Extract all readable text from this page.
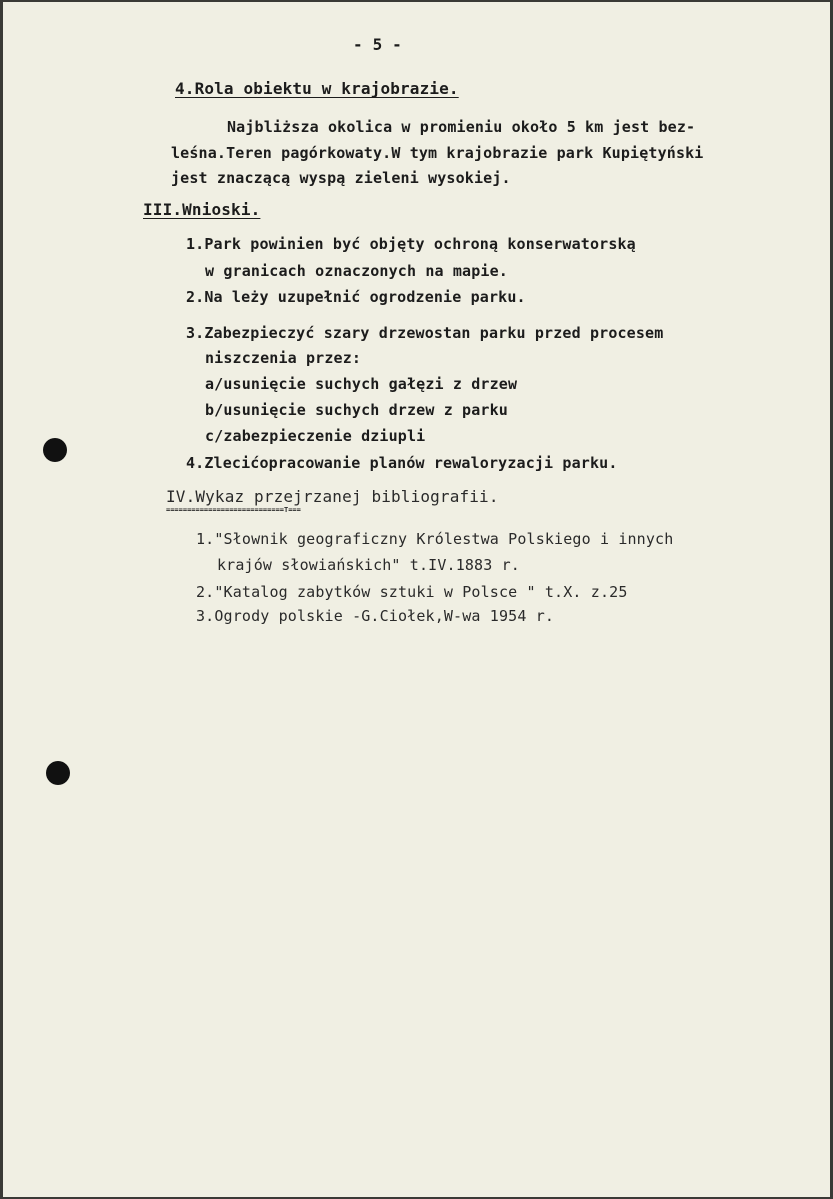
- 5 -
4.Rola obiektu w krajobrazie.
Najbliższa okolica w promieniu około 5 km jest bez-
leśna.Teren pagórkowaty.W tym krajobrazie park Kupiętyński
jest znaczącą wyspą zieleni wysokiej.
III.Wnioski.
1.Park powinien być objęty ochroną konserwatorską
w granicach oznaczonych na mapie.
2.Na leży uzupełnić ogrodzenie parku.
3.Zabezpieczyć szary drzewostan parku przed procesem
niszczenia przez:
a/usunięcie suchych gałęzi z drzew
b/usunięcie suchych drzew z parku
c/zabezpieczenie dziupli
4.Zlecićopracowanie planów rewaloryzacji parku.
IV.Wykaz przejrzanej bibliografii.
============================T===
1."Słownik geograficzny Królestwa Polskiego i innych
krajów słowiańskich" t.IV.1883 r.
2."Katalog zabytków sztuki w Polsce " t.X. z.25
3.Ogrody polskie -G.Ciołek,W-wa 1954 r.
